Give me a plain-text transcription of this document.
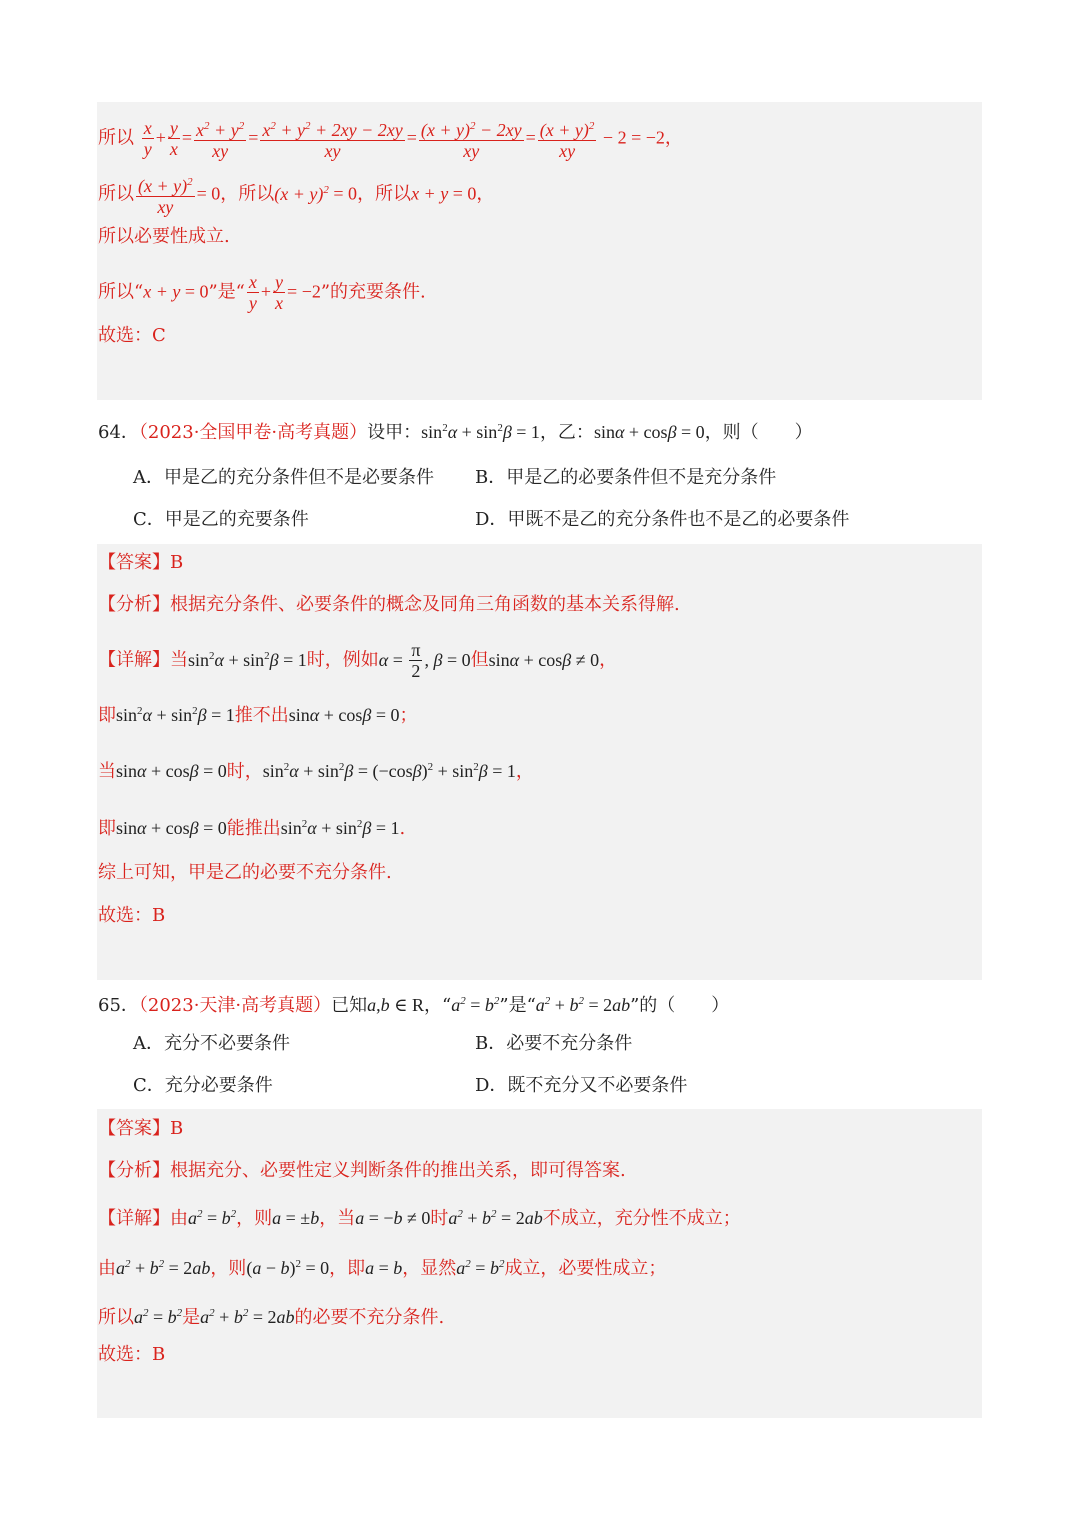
所以 $\frac{x}{y} + \frac{y}{x} = \frac{x^2 + y^2}{xy} = \frac{x^2 + y^2 + 2xy - 2xy}{xy} = \frac{(x + y)^2 - 2xy}{xy} = \frac{(x + y)^2}{xy} - 2 = -2$，
所以 $\frac{(x + y)^2}{xy} = 0$，所以$(x + y)^2 = 0$，所以x + y = 0，
所以必要性成立.
所以“x + y = 0”是“ $\frac{x}{y} + \frac{y}{x} = -2$”的充要条件.
故选：C
64．（2023·全国甲卷·高考真题）设甲：$\sin^2\alpha + \sin^2\beta = 1$，乙：sinα + cosβ = 0，则（　　）
A．甲是乙的充分条件但不是必要条件 B．甲是乙的必要条件但不是充分条件
C．甲是乙的充要条件	D．甲既不是乙的充分条件也不是乙的必要条件
【答案】B
【分析】根据充分条件、必要条件的概念及同角三角函数的基本关系得解.
【详解】当$\sin^2\alpha + \sin^2\beta = 1$时，例如$\alpha = \frac{\pi}{2}$ , β = 0但sinα + cosβ ≠ 0，
即$\sin^2\alpha + \sin^2\beta = 1$推不出sinα + cosβ = 0；
当sinα + cosβ = 0时，$\sin^2\alpha + \sin^2\beta = (-\cos\beta)^2 + \sin^2\beta = 1$，
即sinα + cosβ = 0能推出$\sin^2\alpha + \sin^2\beta = 1$.
综上可知，甲是乙的必要不充分条件.
故选：B
65．（2023·天津·高考真题）已知a,b ∈ R，“$a^2 = b^2$”是“$a^2 + b^2 = 2ab$”的（　　）
A．充分不必要条件	B．必要不充分条件
C．充分必要条件	D．既不充分又不必要条件
【答案】B
【分析】根据充分、必要性定义判断条件的推出关系，即可得答案.
【详解】由$a^2 = b^2$，则a = ±b，当a = −b ≠ 0时$a^2 + b^2 = 2ab$不成立，充分性不成立；
由$a^2 + b^2 = 2ab$，则$(a - b)^2 = 0$，即a = b，显然$a^2 = b^2$成立，必要性成立；
所以$a^2 = b^2$是$a^2 + b^2 = 2ab$的必要不充分条件.
故选：B
